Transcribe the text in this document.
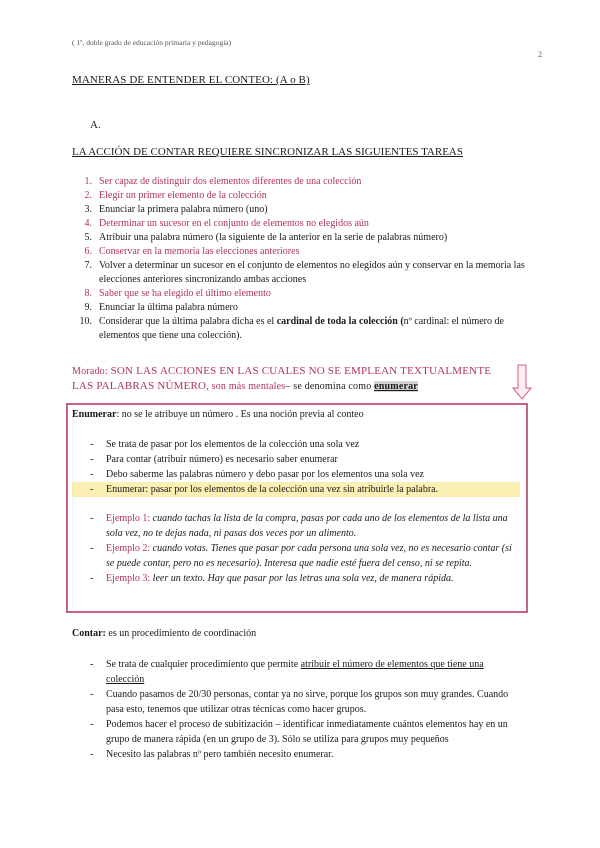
( 1º, doble grado de educación primaria y pedagogía)
2
MANERAS DE ENTENDER EL CONTEO: (A o B)
A.
LA ACCIÓN DE CONTAR REQUIERE SINCRONIZAR LAS SIGUIENTES TAREAS
1. Ser capaz de distinguir dos elementos diferentes de una colección
2. Elegir un primer elemento de la colección
3. Enunciar la primera palabra número (uno)
4. Determinar un sucesor en el conjunto de elementos no elegidos aún
5. Atribuir una palabra número (la siguiente de la anterior en la serie de palabras número)
6. Conservar en la memoria las elecciones anteriores
7. Volver a determinar un sucesor en el conjunto de elementos no elegidos aún y conservar en la memoria las elecciones anteriores sincronizando ambas acciones
8. Saber que se ha elegido el último elemento
9. Enunciar la última palabra número
10. Considerar que la última palabra dicha es el cardinal de toda la colección (nº cardinal: el número de elementos que tiene una colección).
Morado: SON LAS ACCIONES EN LAS CUALES NO SE EMPLEAN TEXTUALMENTE LAS PALABRAS NÚMERO, son más mentales– se denomina como enumerar
Enumerar: no se le atribuye un número . Es una noción previa al conteo
-	Se trata de pasar por los elementos de la colección una sola vez
-	Para contar (atribuir número) es necesario saber enumerar
-	Debo saberme las palabras número y debo pasar por los elementos una sola vez
-	Enumerar: pasar por los elementos de la colección una vez sin atribuirle la palabra.
-	Ejemplo 1: cuando tachas la lista de la compra, pasas por cada uno de los elementos de la lista una sola vez, no te dejas nada, ni pasas dos veces por un alimento.
-	Ejemplo 2: cuando votas. Tienes que pasar por cada persona una sola vez, no es necesario contar (sí se puede contar, pero no es necesario). Interesa que nadie esté fuera del censo, ni se repita.
-	Ejemplo 3: leer un texto. Hay que pasar por las letras una sola vez, de manera rápida.
Contar: es un procedimiento de coordinación
-	Se trata de cualquier procedimiento que permite atribuir el número de elementos que tiene una colección
-	Cuando pasamos de 20/30 personas, contar ya no sirve, porque los grupos son muy grandes. Cuando pasa esto, tenemos que utilizar otras técnicas como hacer grupos.
-	Podemos hacer el proceso de subitización – identificar inmediatamente cuántos elementos hay en un grupo de manera rápida (en un grupo de 3). Sólo se utiliza para grupos muy pequeños
-	Necesito las palabras nº pero también necesito enumerar.
